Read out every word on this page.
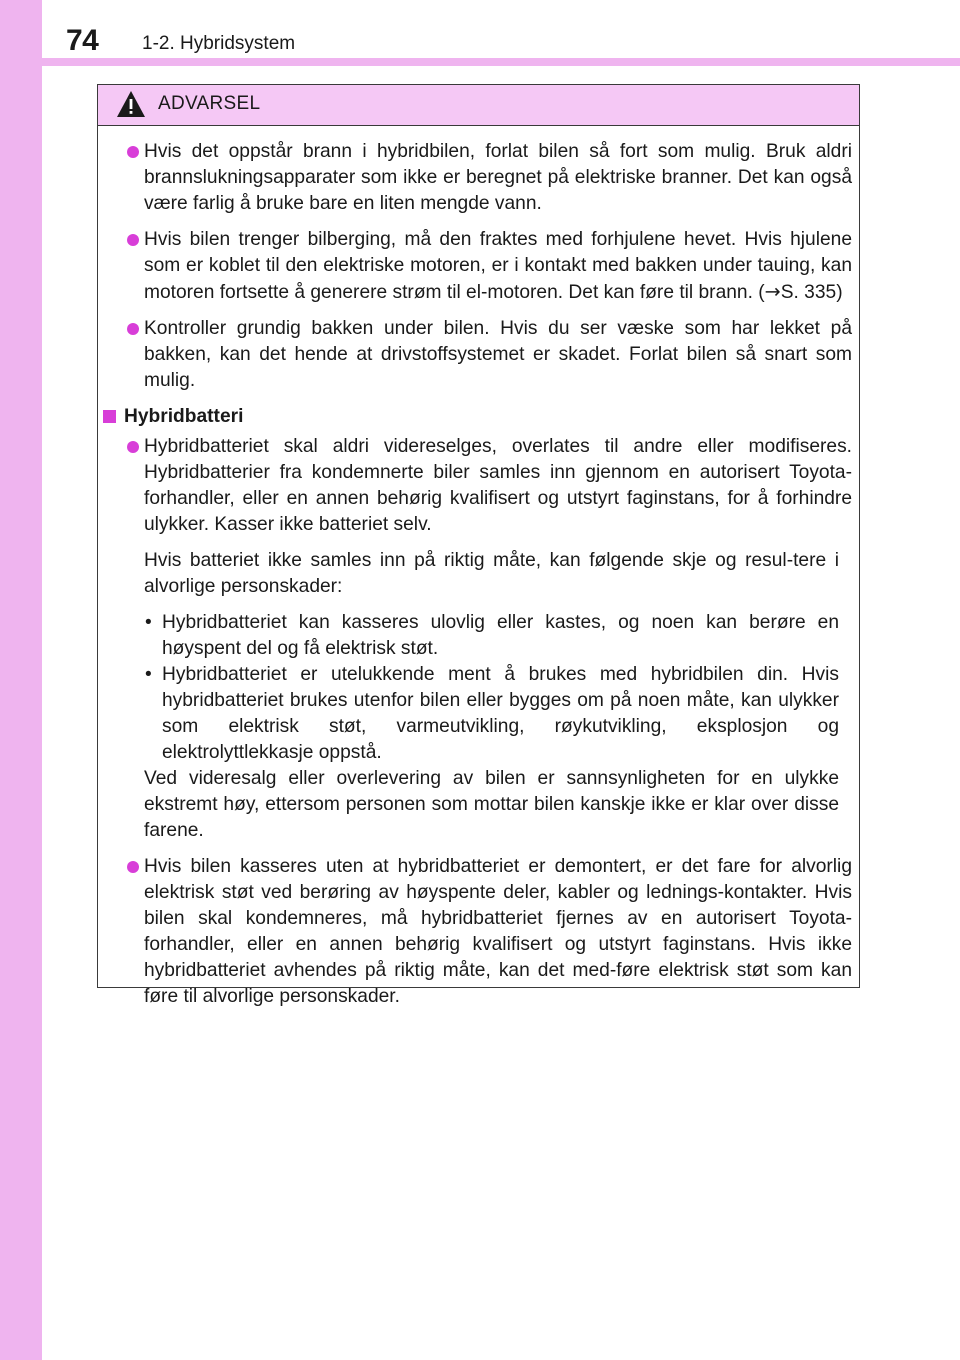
74 1-2. Hybridsystem
ADVARSEL

Hvis det oppstår brann i hybridbilen, forlat bilen så fort som mulig. Bruk aldri brannslukningsapparater som ikke er beregnet på elektriske branner. Det kan også være farlig å bruke bare en liten mengde vann.

Hvis bilen trenger bilberging, må den fraktes med forhjulene hevet. Hvis hjulene som er koblet til den elektriske motoren, er i kontakt med bakken under tauing, kan motoren fortsette å generere strøm til el-motoren. Det kan føre til brann. (→S. 335)

Kontroller grundig bakken under bilen. Hvis du ser væske som har lekket på bakken, kan det hende at drivstoffsystemet er skadet. Forlat bilen så snart som mulig.

Hybridbatteri

Hybridbatteriet skal aldri videreselges, overlates til andre eller modifiseres. Hybridbatterier fra kondemnerte biler samles inn gjennom en autorisert Toyota-forhandler, eller en annen behørig kvalifisert og utstyrt faginstans, for å forhindre ulykker. Kasser ikke batteriet selv.

Hvis batteriet ikke samles inn på riktig måte, kan følgende skje og resul-tere i alvorlige personskader:

• Hybridbatteriet kan kasseres ulovlig eller kastes, og noen kan berøre en høyspent del og få elektrisk støt.

• Hybridbatteriet er utelukkende ment å brukes med hybridbilen din. Hvis hybridbatteriet brukes utenfor bilen eller bygges om på noen måte, kan ulykker som elektrisk støt, varmeutvikling, røykutvikling, eksplosjon og elektrolyttlekkasje oppstå.

Ved videresalg eller overlevering av bilen er sannsynligheten for en ulykke ekstremt høy, ettersom personen som mottar bilen kanskje ikke er klar over disse farene.

Hvis bilen kasseres uten at hybridbatteriet er demontert, er det fare for alvorlig elektrisk støt ved berøring av høyspente deler, kabler og lednings-kontakter. Hvis bilen skal kondemneres, må hybridbatteriet fjernes av en autorisert Toyota-forhandler, eller en annen behørig kvalifisert og utstyrt faginstans. Hvis ikke hybridbatteriet avhendes på riktig måte, kan det med-føre elektrisk støt som kan føre til alvorlige personskader.
